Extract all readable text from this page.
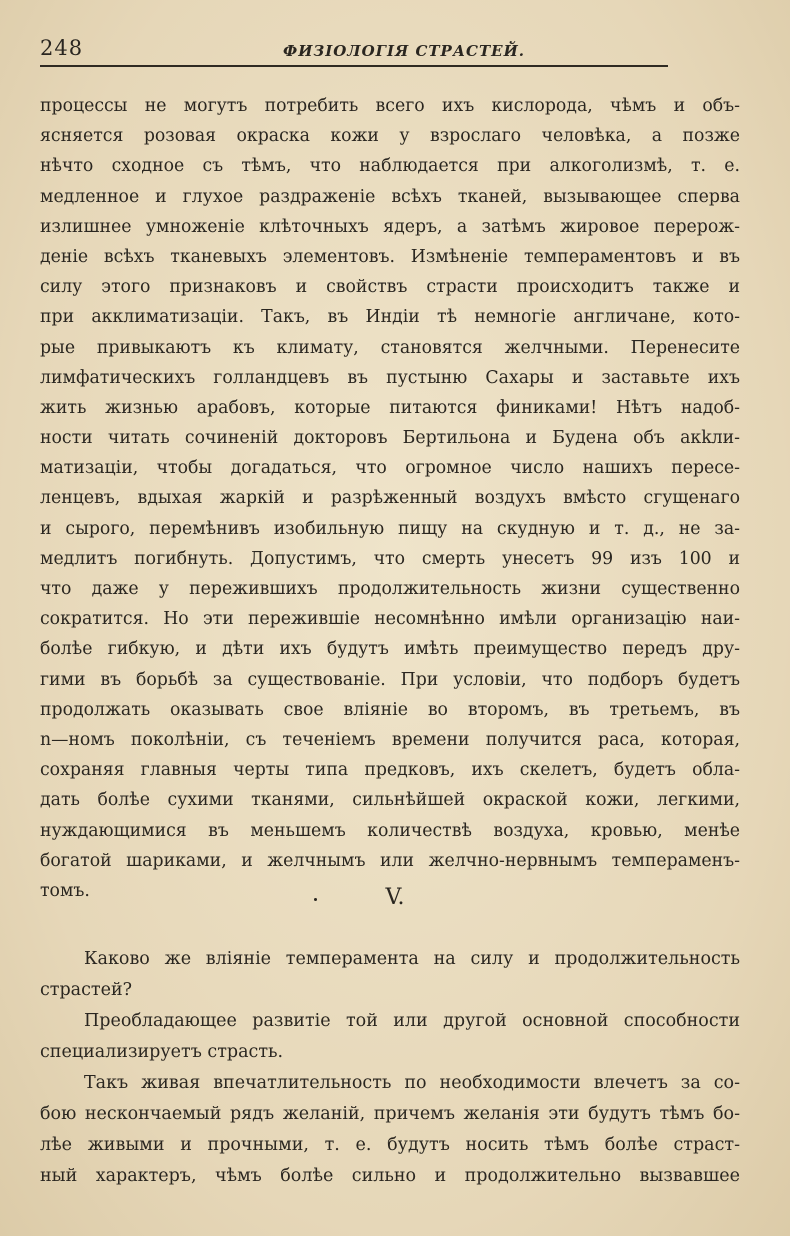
248	ФИЗІОЛОГІЯ СТРАСТЕЙ.
процессы не могутъ потребить всего ихъ кислорода, чѣмъ и объ-
ясняется розовая окраска кожи у взрослаго человѣка, а позже
нѣчто сходное съ тѣмъ, что наблюдается при алкоголизмѣ, т. е.
медленное и глухое раздраженіе всѣхъ тканей, вызывающее сперва
излишнее умноженіе клѣточныхъ ядеръ, а затѣмъ жировое перерож-
деніе всѣхъ тканевыхъ элементовъ. Измѣненіе темпераментовъ и въ
силу этого признаковъ и свойствъ страсти происходитъ также и
при акклиматизаціи. Такъ, въ Индіи тѣ немногіе англичане, кото-
рые привыкаютъ къ климату, становятся желчными. Перенесите
лимфатическихъ голландцевъ въ пустыню Сахары и заставьте ихъ
жить жизнью арабовъ, которые питаются финиками! Нѣтъ надоб-
ности читать сочиненій докторовъ Бертильона и Будена объ акkли-
матизаціи, чтобы догадаться, что огромное число нашихъ пересе-
ленцевъ, вдыхая жаркій и разрѣженный воздухъ вмѣсто сгущенаго
и сырого, перемѣнивъ изобильную пищу на скудную и т. д., не за-
медлитъ погибнуть. Допустимъ, что смерть унесетъ 99 изъ 100 и
что даже у пережившихъ продолжительность жизни существенно
сократится. Но эти пережившіе несомнѣнно имѣли организацію наи-
болѣе гибкую, и дѣти ихъ будутъ имѣть преимущество передъ дру-
гими въ борьбѣ за существованіе. При условіи, что подборъ будетъ
продолжать оказывать свое вліяніе во второмъ, въ третьемъ, въ
n—номъ поколѣніи, съ теченіемъ времени получится раса, которая,
сохраняя главныя черты типа предковъ, ихъ скелетъ, будетъ обла-
дать болѣе сухими тканями, сильнѣйшей окраской кожи, легкими,
нуждающимися въ меньшемъ количествѣ воздуха, кровью, менѣе
богатой шариками, и желчнымъ или желчно-нервнымъ темпераменъ-
томъ.	V.
Каково же вліяніе темперамента на силу и продолжительность
страстей?
Преобладающее развитіе той или другой основной способности
специализируетъ страсть.
Такъ живая впечатлительность по необходимости влечетъ за со-
бою нескончаемый рядъ желаній, причемъ желанія эти будутъ тѣмъ бо-
лѣе живыми и прочными, т. е. будутъ носить тѣмъ болѣе страст-
ный характеръ, чѣмъ болѣе сильно и продолжительно вызвавшее
